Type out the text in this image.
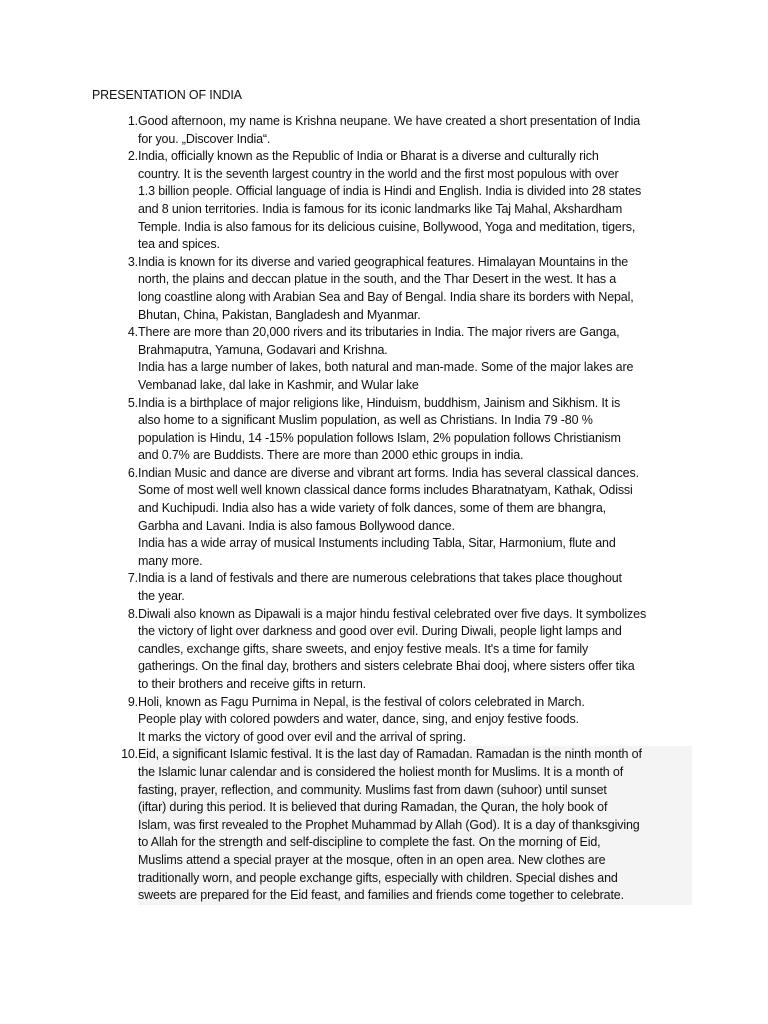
PRESENTATION OF INDIA
1. Good afternoon, my name is Krishna neupane. We have created a short presentation of India
for you. „Discover India“.
2. India, officially known as the Republic of India or Bharat is a diverse and culturally rich
country. It is the seventh largest country in the world and the first most populous with over
1.3 billion people. Official language of india is Hindi and English. India is divided into 28 states
and 8 union territories. India is famous for its iconic landmarks like Taj Mahal, Akshardham
Temple. India is also famous for its delicious cuisine, Bollywood, Yoga and meditation, tigers,
tea and spices.
3. India is known for its diverse and varied geographical features. Himalayan Mountains in the
north, the plains and deccan platue in the south, and the Thar Desert in the west. It has a
long coastline along with Arabian Sea and Bay of Bengal. India share its borders with Nepal,
Bhutan, China, Pakistan, Bangladesh and Myanmar.
4. There are more than 20,000 rivers and its tributaries in India. The major rivers are Ganga,
Brahmaputra, Yamuna, Godavari and Krishna.
India has a large number of lakes, both natural and man-made. Some of the major lakes are
Vembanad lake, dal lake in Kashmir, and Wular lake
5. India is a birthplace of major religions like, Hinduism, buddhism, Jainism and Sikhism. It is
also home to a significant Muslim population, as well as Christians. In India 79 -80 %
population is Hindu, 14 -15% population follows Islam, 2% population follows Christianism
and 0.7% are Buddists. There are more than 2000 ethic groups in india.
6. Indian Music and dance are diverse and vibrant art forms. India has several classical dances.
Some of most well well known classical dance forms includes Bharatnatyam, Kathak, Odissi
and Kuchipudi. India also has a wide variety of folk dances, some of them are bhangra,
Garbha and Lavani. India is also famous Bollywood dance.
India has a wide array of musical Instuments including Tabla, Sitar, Harmonium, flute and
many more.
7. India is a land of festivals and there are numerous celebrations that takes place thoughout
the year.
8. Diwali also known as Dipawali is a major hindu festival celebrated over five days. It symbolizes
the victory of light over darkness and good over evil. During Diwali, people light lamps and
candles, exchange gifts, share sweets, and enjoy festive meals. It's a time for family
gatherings. On the final day, brothers and sisters celebrate Bhai dooj, where sisters offer tika
to their brothers and receive gifts in return.
9. Holi, known as Fagu Purnima in Nepal, is the festival of colors celebrated in March.
People play with colored powders and water, dance, sing, and enjoy festive foods.
It marks the victory of good over evil and the arrival of spring.
10. Eid, a significant Islamic festival. It is the last day of Ramadan. Ramadan is the ninth month of
the Islamic lunar calendar and is considered the holiest month for Muslims. It is a month of
fasting, prayer, reflection, and community. Muslims fast from dawn (suhoor) until sunset
(iftar) during this period. It is believed that during Ramadan, the Quran, the holy book of
Islam, was first revealed to the Prophet Muhammad by Allah (God). It is a day of thanksgiving
to Allah for the strength and self-discipline to complete the fast. On the morning of Eid,
Muslims attend a special prayer at the mosque, often in an open area. New clothes are
traditionally worn, and people exchange gifts, especially with children. Special dishes and
sweets are prepared for the Eid feast, and families and friends come together to celebrate.
